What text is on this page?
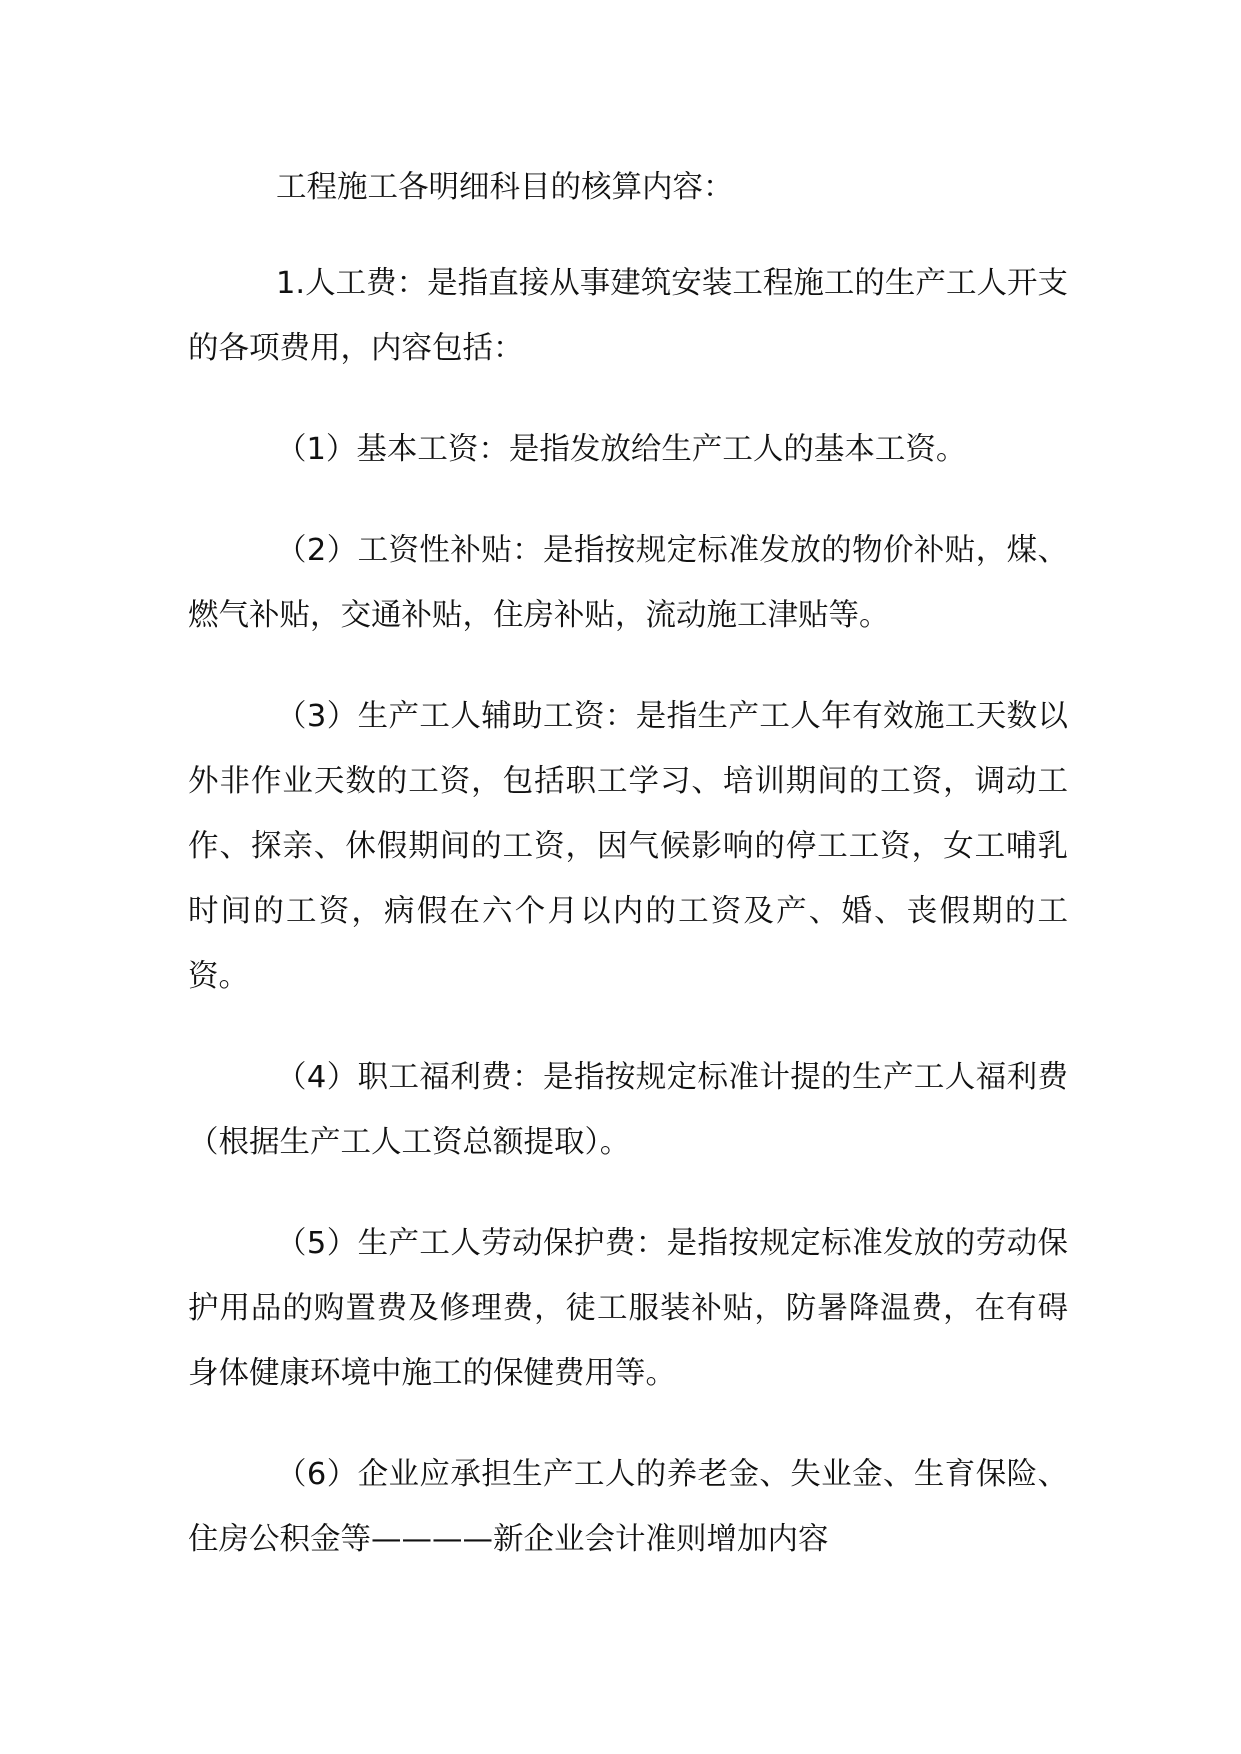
工程施工各明细科目的核算内容：

1.人工费：是指直接从事建筑安装工程施工的生产工人开支的各项费用，内容包括：

（1）基本工资：是指发放给生产工人的基本工资。

（2）工资性补贴：是指按规定标准发放的物价补贴，煤、燃气补贴，交通补贴，住房补贴，流动施工津贴等。

（3）生产工人辅助工资：是指生产工人年有效施工天数以外非作业天数的工资，包括职工学习、培训期间的工资，调动工作、探亲、休假期间的工资，因气候影响的停工工资，女工哺乳时间的工资，病假在六个月以内的工资及产、婚、丧假期的工资。

（4）职工福利费：是指按规定标准计提的生产工人福利费（根据生产工人工资总额提取）。

（5）生产工人劳动保护费：是指按规定标准发放的劳动保护用品的购置费及修理费，徒工服装补贴，防暑降温费，在有碍身体健康环境中施工的保健费用等。

（6）企业应承担生产工人的养老金、失业金、生育保险、住房公积金等————新企业会计准则增加内容
